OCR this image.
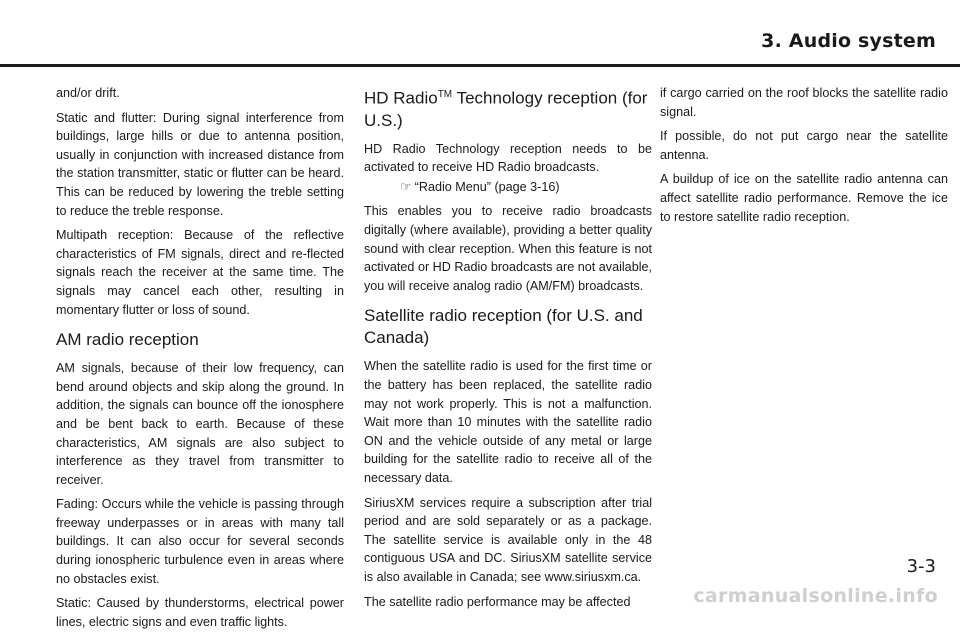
3. Audio system

and/or drift.

Static and flutter: During signal interference from buildings, large hills or due to antenna position, usually in conjunction with increased distance from the station transmitter, static or flutter can be heard. This can be reduced by lowering the treble setting to reduce the treble response.

Multipath reception: Because of the reflective characteristics of FM signals, direct and re-flected signals reach the receiver at the same time. The signals may cancel each other, resulting in momentary flutter or loss of sound.

AM radio reception

AM signals, because of their low frequency, can bend around objects and skip along the ground. In addition, the signals can bounce off the ionosphere and be bent back to earth. Because of these characteristics, AM signals are also subject to interference as they travel from transmitter to receiver.

Fading: Occurs while the vehicle is passing through freeway underpasses or in areas with many tall buildings. It can also occur for several seconds during ionospheric turbulence even in areas where no obstacles exist.

Static: Caused by thunderstorms, electrical power lines, electric signs and even traffic lights.

HD Radio™ Technology reception (for U.S.)

HD Radio Technology reception needs to be activated to receive HD Radio broadcasts.
☞ “Radio Menu” (page 3-16)

This enables you to receive radio broadcasts digitally (where available), providing a better quality sound with clear reception. When this feature is not activated or HD Radio broadcasts are not available, you will receive analog radio (AM/FM) broadcasts.

Satellite radio reception (for U.S. and Canada)

When the satellite radio is used for the first time or the battery has been replaced, the satellite radio may not work properly. This is not a malfunction. Wait more than 10 minutes with the satellite radio ON and the vehicle outside of any metal or large building for the satellite radio to receive all of the necessary data.

SiriusXM services require a subscription after trial period and are sold separately or as a package. The satellite service is available only in the 48 contiguous USA and DC. SiriusXM satellite service is also available in Canada; see www.siriusxm.ca.

The satellite radio performance may be affected

if cargo carried on the roof blocks the satellite radio signal.

If possible, do not put cargo near the satellite antenna.

A buildup of ice on the satellite radio antenna can affect satellite radio performance. Remove the ice to restore satellite radio reception.

3-3
carmanualsonline.info
